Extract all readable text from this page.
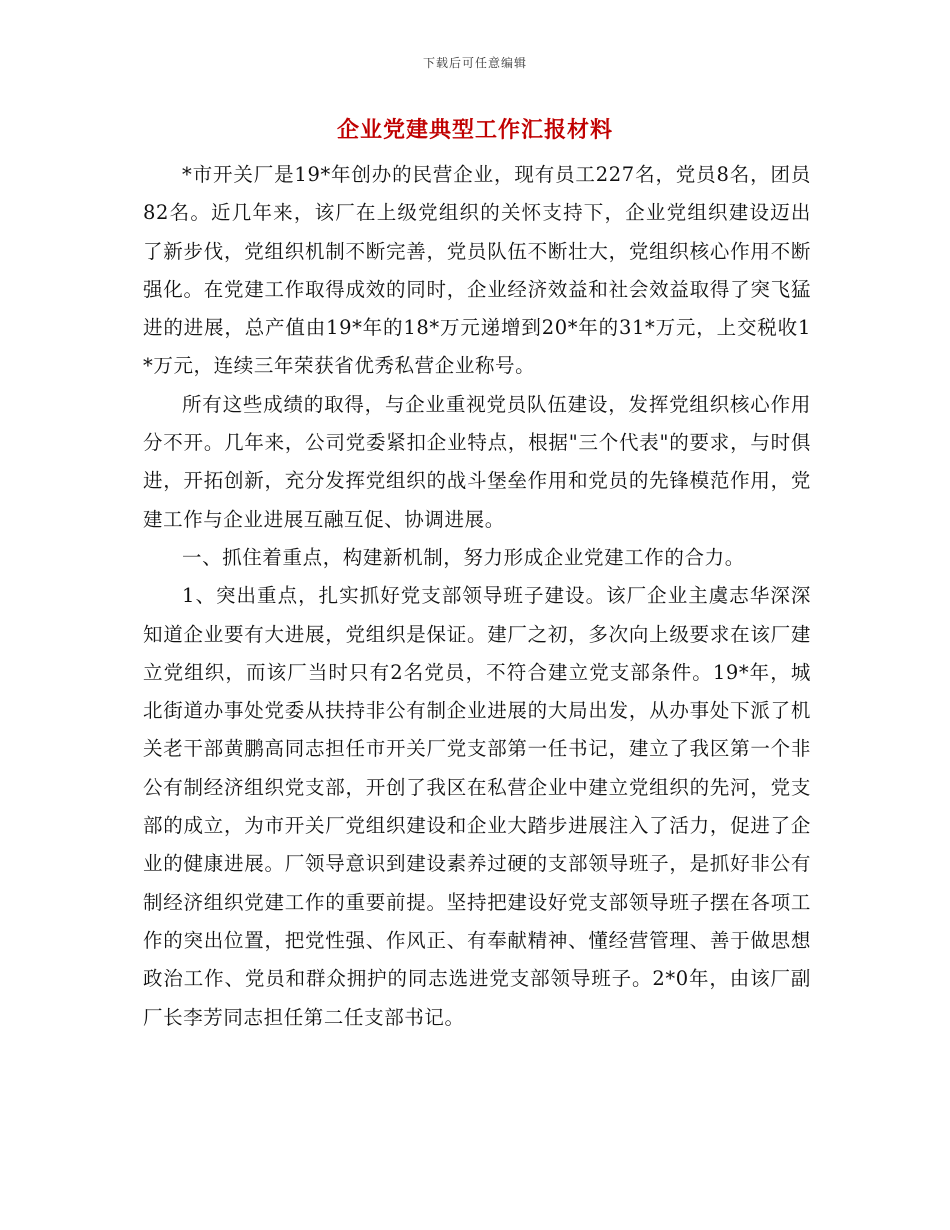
下载后可任意编辑
企业党建典型工作汇报材料

*市开关厂是19*年创办的民营企业，现有员工227名，党员8名，团员82名。近几年来，该厂在上级党组织的关怀支持下，企业党组织建设迈出了新步伐，党组织机制不断完善，党员队伍不断壮大，党组织核心作用不断强化。在党建工作取得成效的同时，企业经济效益和社会效益取得了突飞猛进的进展，总产值由19*年的18*万元递增到20*年的31*万元，上交税收1*万元，连续三年荣获省优秀私营企业称号。

所有这些成绩的取得，与企业重视党员队伍建设，发挥党组织核心作用分不开。几年来，公司党委紧扣企业特点，根据"三个代表"的要求，与时俱进，开拓创新，充分发挥党组织的战斗堡垒作用和党员的先锋模范作用，党建工作与企业进展互融互促、协调进展。

一、抓住着重点，构建新机制，努力形成企业党建工作的合力。

1、突出重点，扎实抓好党支部领导班子建设。该厂企业主虞志华深深知道企业要有大进展，党组织是保证。建厂之初，多次向上级要求在该厂建立党组织，而该厂当时只有2名党员，不符合建立党支部条件。19*年，城北街道办事处党委从扶持非公有制企业进展的大局出发，从办事处下派了机关老干部黄鹏高同志担任市开关厂党支部第一任书记，建立了我区第一个非公有制经济组织党支部，开创了我区在私营企业中建立党组织的先河，党支部的成立，为市开关厂党组织建设和企业大踏步进展注入了活力，促进了企业的健康进展。厂领导意识到建设素养过硬的支部领导班子，是抓好非公有制经济组织党建工作的重要前提。坚持把建设好党支部领导班子摆在各项工作的突出位置，把党性强、作风正、有奉献精神、懂经营管理、善于做思想政治工作、党员和群众拥护的同志选进党支部领导班子。2*0年，由该厂副厂长李芳同志担任第二任支部书记。
